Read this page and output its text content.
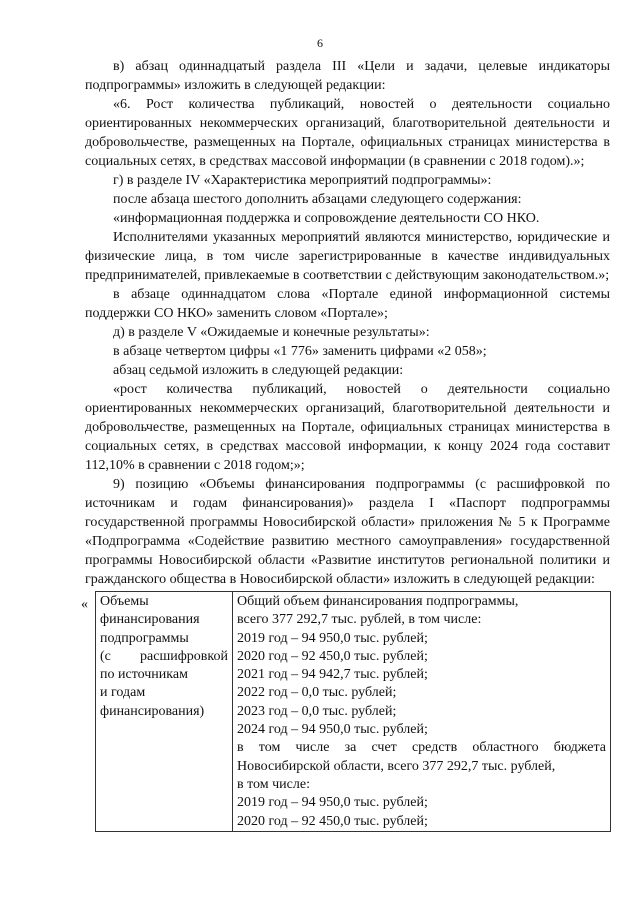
6

в) абзац одиннадцатый раздела III «Цели и задачи, целевые индикаторы подпрограммы» изложить в следующей редакции:

«6. Рост количества публикаций, новостей о деятельности социально ориентированных некоммерческих организаций, благотворительной деятельности и добровольчестве, размещенных на Портале, официальных страницах министерства в социальных сетях, в средствах массовой информации (в сравнении с 2018 годом).»;

г) в разделе IV «Характеристика мероприятий подпрограммы»:

после абзаца шестого дополнить абзацами следующего содержания:

«информационная поддержка и сопровождение деятельности СО НКО.

Исполнителями указанных мероприятий являются министерство, юридические и физические лица, в том числе зарегистрированные в качестве индивидуальных предпринимателей, привлекаемые в соответствии с действующим законодательством.»;

в абзаце одиннадцатом слова «Портале единой информационной системы поддержки СО НКО» заменить словом «Портале»;

д) в разделе V «Ожидаемые и конечные результаты»:

в абзаце четвертом цифры «1 776» заменить цифрами «2 058»;

абзац седьмой изложить в следующей редакции:

«рост количества публикаций, новостей о деятельности социально ориентированных некоммерческих организаций, благотворительной деятельности и добровольчестве, размещенных на Портале, официальных страницах министерства в социальных сетях, в средствах массовой информации, к концу 2024 года составит 112,10% в сравнении с 2018 годом;»;

9) позицию «Объемы финансирования подпрограммы (с расшифровкой по источникам и годам финансирования)» раздела I «Паспорт подпрограммы государственной программы Новосибирской области» приложения № 5 к Программе «Подпрограмма «Содействие развитию местного самоуправления» государственной программы Новосибирской области «Развитие институтов региональной политики и гражданского общества в Новосибирской области» изложить в следующей редакции:

« Объемы
финансирования
подпрограммы
(с расшифровкой
по источникам
и годам
финансирования)

Общий объем финансирования подпрограммы,
всего 377 292,7 тыс. рублей, в том числе:
2019 год – 94 950,0 тыс. рублей;
2020 год – 92 450,0 тыс. рублей;
2021 год – 94 942,7 тыс. рублей;
2022 год – 0,0 тыс. рублей;
2023 год – 0,0 тыс. рублей;
2024 год – 94 950,0 тыс. рублей;
в том числе за счет средств областного бюджета
Новосибирской области, всего 377 292,7 тыс. рублей,
в том числе:
2019 год – 94 950,0 тыс. рублей;
2020 год – 92 450,0 тыс. рублей;
